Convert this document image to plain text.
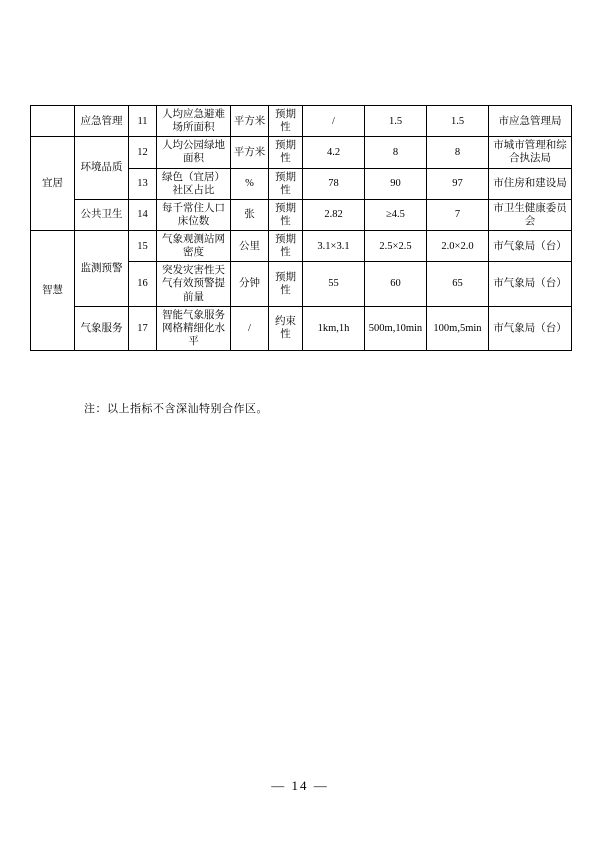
	应急管理	11	人均应急避难场所面积	平方米	预期性	/	1.5	1.5	市应急管理局
宜居	环境品质	12	人均公园绿地面积	平方米	预期性	4.2	8	8	市城市管理和综合执法局
		13	绿色（宜居）社区占比	%	预期性	78	90	97	市住房和建设局
	公共卫生	14	每千常住人口床位数	张	预期性	2.82	≥4.5	7	市卫生健康委员会
智慧	监测预警	15	气象观测站网密度	公里	预期性	3.1×3.1	2.5×2.5	2.0×2.0	市气象局（台）
		16	突发灾害性天气有效预警提前量	分钟	预期性	55	60	65	市气象局（台）
	气象服务	17	智能气象服务网格精细化水平	/	约束性	1km,1h	500m,10min	100m,5min	市气象局（台）
注：以上指标不含深汕特别合作区。
— 14 —
